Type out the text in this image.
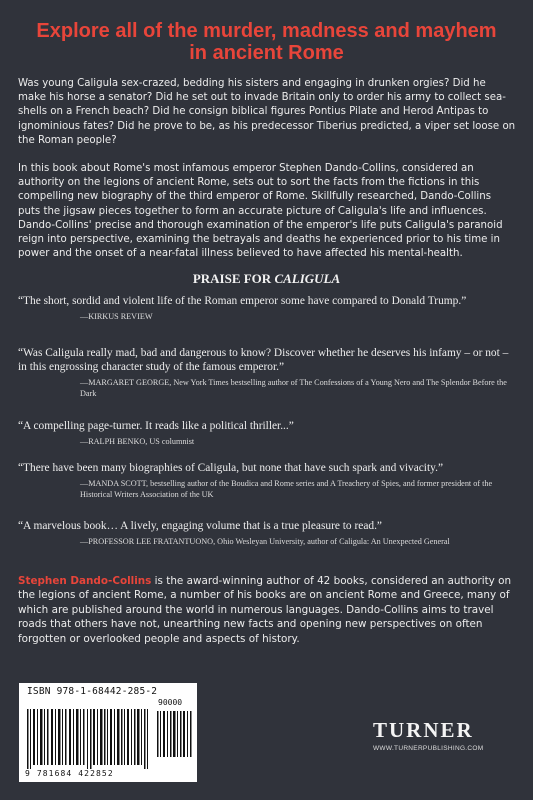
Explore all of the murder, madness and mayhem
in ancient Rome

Was young Caligula sex-crazed, bedding his sisters and engaging in drunken orgies? Did he make his horse a senator? Did he set out to invade Britain only to order his army to collect sea-shells on a French beach? Did he consign biblical figures Pontius Pilate and Herod Antipas to ignominious fates? Did he prove to be, as his predecessor Tiberius predicted, a viper set loose on the Roman people?

In this book about Rome's most infamous emperor Stephen Dando-Collins, considered an authority on the legions of ancient Rome, sets out to sort the facts from the fictions in this compelling new biography of the third emperor of Rome. Skillfully researched, Dando-Collins puts the jigsaw pieces together to form an accurate picture of Caligula's life and influences. Dando-Collins' precise and thorough examination of the emperor's life puts Caligula's paranoid reign into perspective, examining the betrayals and deaths he experienced prior to his time in power and the onset of a near-fatal illness believed to have affected his mental-health.

PRAISE FOR CALIGULA

“The short, sordid and violent life of the Roman emperor some have compared to Donald Trump.”

—KIRKUS REVIEW

“Was Caligula really mad, bad and dangerous to know? Discover whether he deserves his infamy – or not – in this engrossing character study of the famous emperor.”

—MARGARET GEORGE, New York Times bestselling author of The Confessions of a Young Nero and The Splendor Before the Dark

“A compelling page-turner. It reads like a political thriller...”

—RALPH BENKO, US columnist

“There have been many biographies of Caligula, but none that have such spark and vivacity.”

—MANDA SCOTT, bestselling author of the Boudica and Rome series and A Treachery of Spies, and former president of the Historical Writers Association of the UK

“A marvelous book… A lively, engaging volume that is a true pleasure to read.”

—PROFESSOR LEE FRATANTUONO, Ohio Wesleyan University, author of Caligula: An Unexpected General

Stephen Dando-Collins is the award-winning author of 42 books, considered an authority on the legions of ancient Rome, a number of his books are on ancient Rome and Greece, many of which are published around the world in numerous languages. Dando-Collins aims to travel roads that others have not, unearthing new facts and opening new perspectives on often forgotten or overlooked people and aspects of history.

ISBN 978-1-68442-285-2
90000
9 781684 422852
TURNER
WWW.TURNERPUBLISHING.COM
